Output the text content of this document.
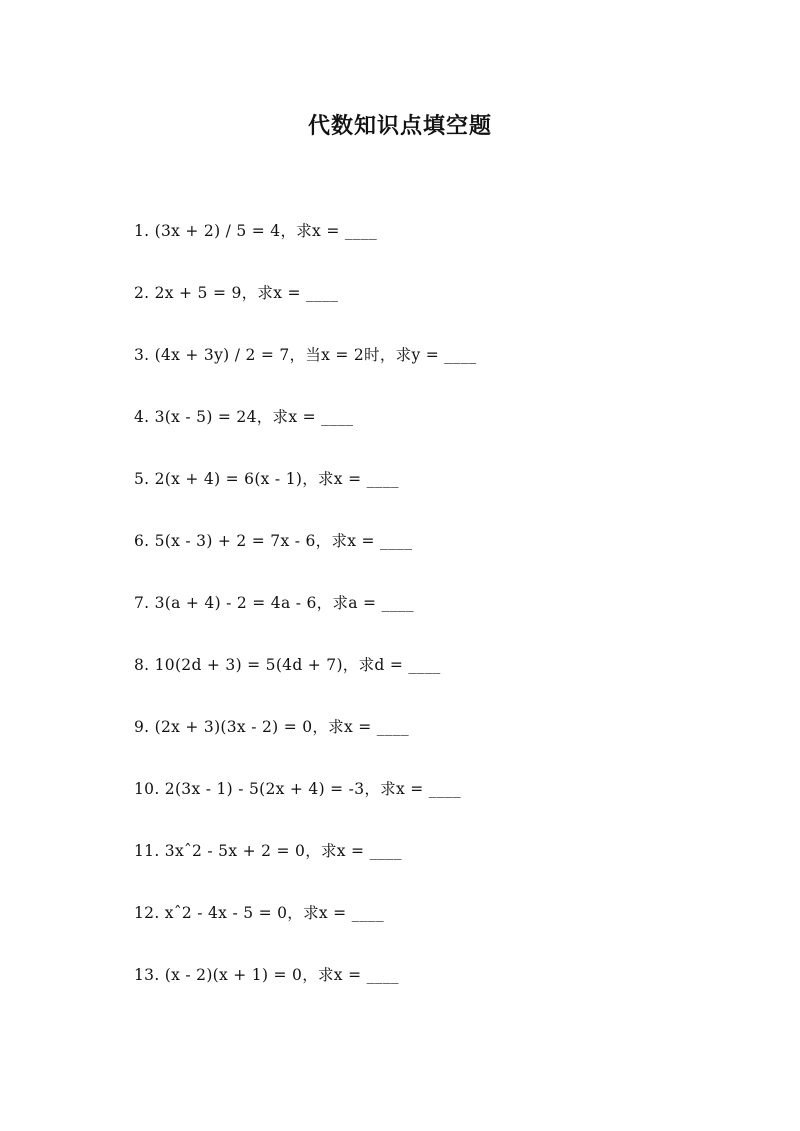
代数知识点填空题
1. (3x + 2) / 5 = 4，求x = ____
2. 2x + 5 = 9，求x = ____
3. (4x + 3y) / 2 = 7，当x = 2时，求y = ____
4. 3(x - 5) = 24，求x = ____
5. 2(x + 4) = 6(x - 1)，求x = ____
6. 5(x - 3) + 2 = 7x - 6，求x = ____
7. 3(a + 4) - 2 = 4a - 6，求a = ____
8. 10(2d + 3) = 5(4d + 7)，求d = ____
9. (2x + 3)(3x - 2) = 0，求x = ____
10. 2(3x - 1) - 5(2x + 4) = -3，求x = ____
11. 3xˆ2 - 5x + 2 = 0，求x = ____
12. xˆ2 - 4x - 5 = 0，求x = ____
13. (x - 2)(x + 1) = 0，求x = ____
